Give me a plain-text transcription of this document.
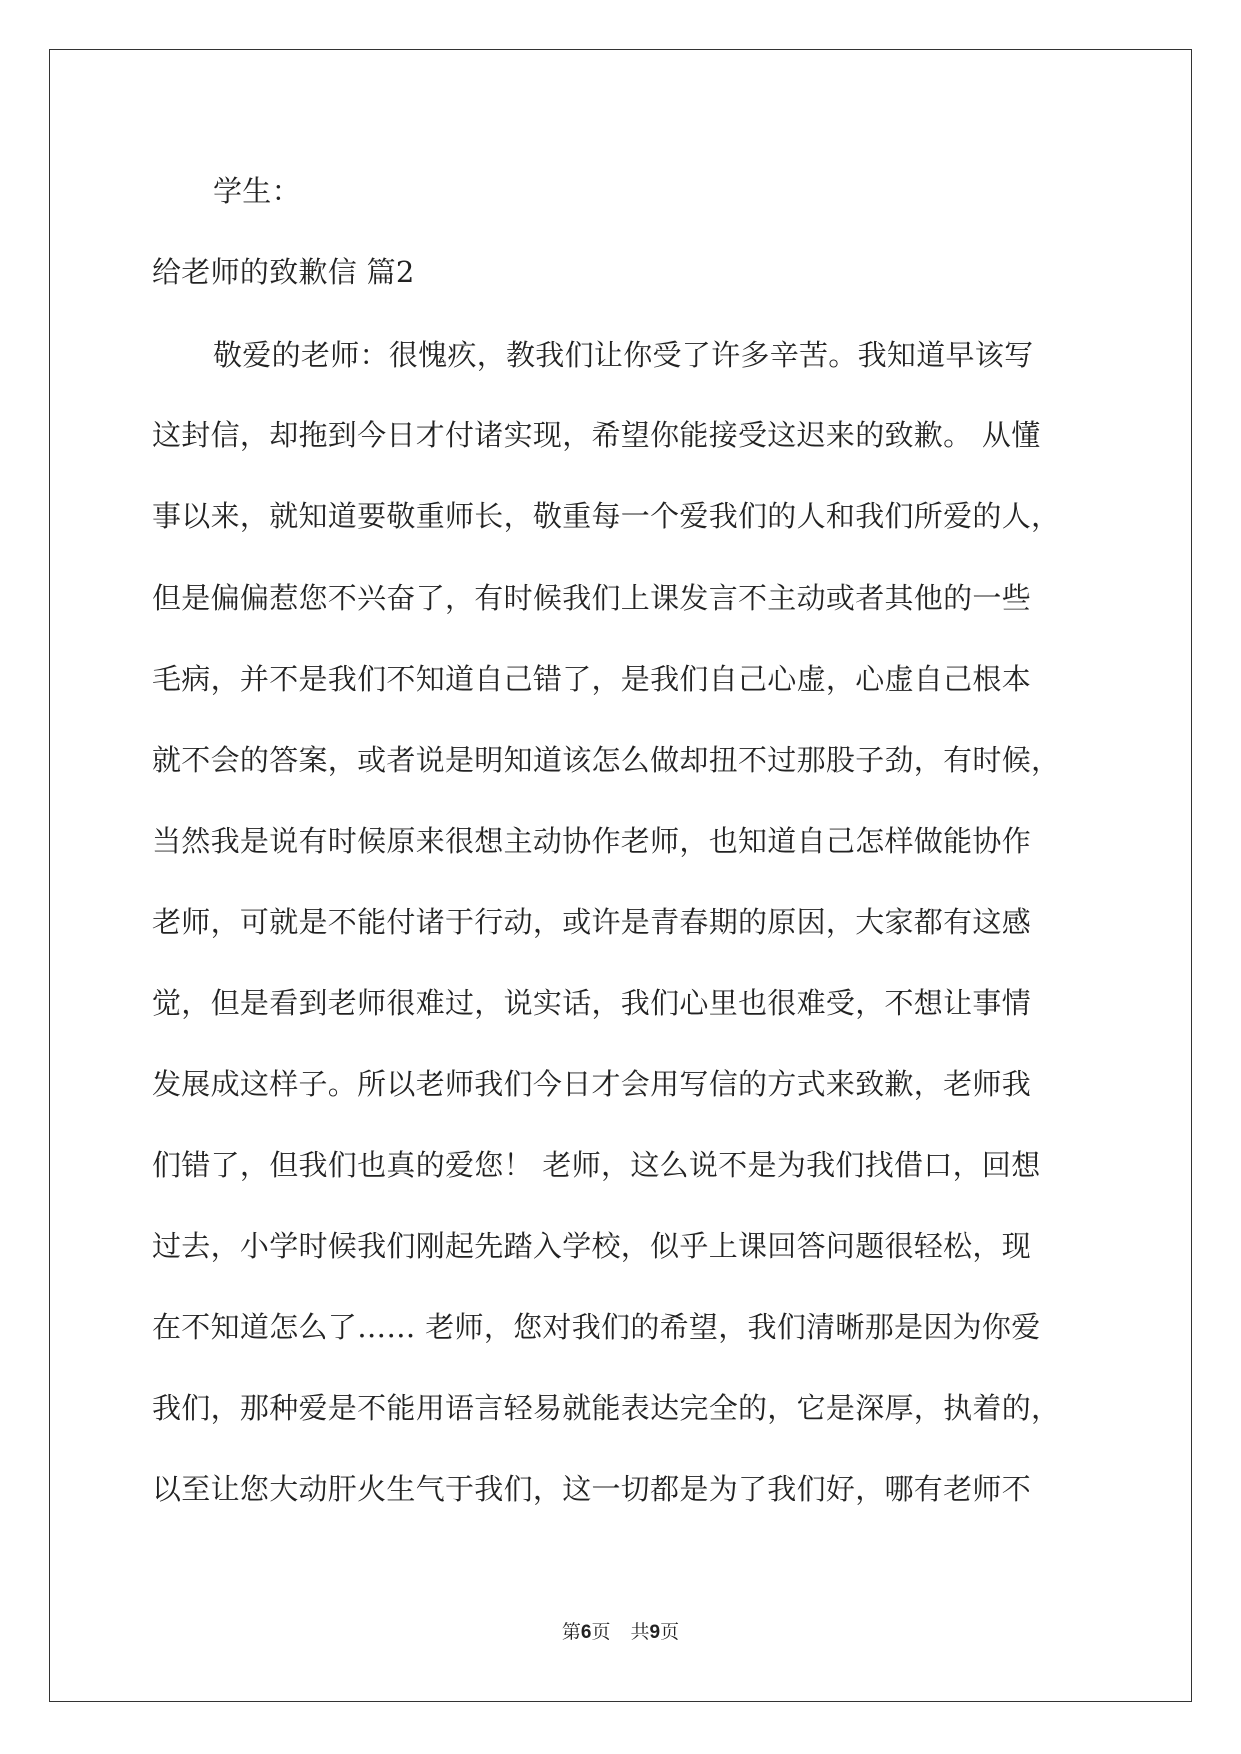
学生：
给老师的致歉信 篇2
敬爱的老师：很愧疚，教我们让你受了许多辛苦。我知道早该写
这封信，却拖到今日才付诸实现，希望你能接受这迟来的致歉。 从懂
事以来，就知道要敬重师长，敬重每一个爱我们的人和我们所爱的人，
但是偏偏惹您不兴奋了，有时候我们上课发言不主动或者其他的一些
毛病，并不是我们不知道自己错了，是我们自己心虚，心虚自己根本
就不会的答案，或者说是明知道该怎么做却扭不过那股子劲，有时候，
当然我是说有时候原来很想主动协作老师，也知道自己怎样做能协作
老师，可就是不能付诸于行动，或许是青春期的原因，大家都有这感
觉，但是看到老师很难过，说实话，我们心里也很难受，不想让事情
发展成这样子。所以老师我们今日才会用写信的方式来致歉，老师我
们错了，但我们也真的爱您！ 老师，这么说不是为我们找借口，回想
过去，小学时候我们刚起先踏入学校，似乎上课回答问题很轻松，现
在不知道怎么了…… 老师，您对我们的希望，我们清晰那是因为你爱
我们，那种爱是不能用语言轻易就能表达完全的，它是深厚，执着的，
以至让您大动肝火生气于我们，这一切都是为了我们好，哪有老师不
第6页 共9页
